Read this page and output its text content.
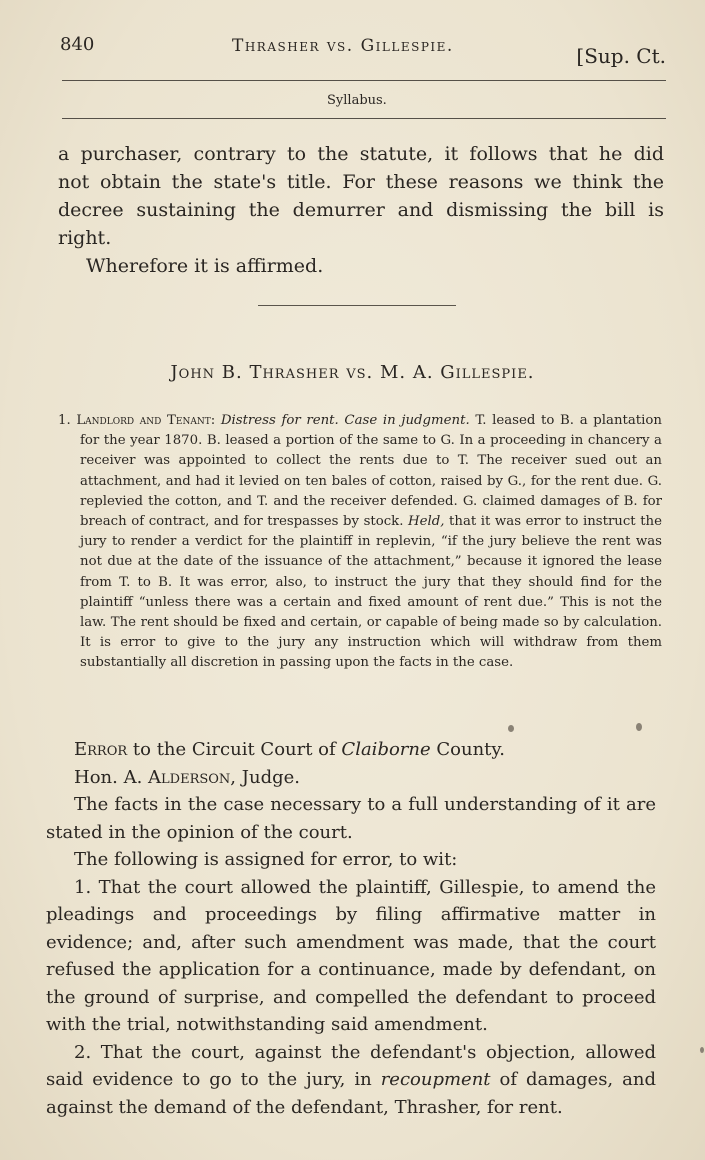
840	Thrasher vs. Gillespie.	[Sup. Ct.
Syllabus.
a purchaser, contrary to the statute, it follows that he did
not obtain the state's title. For these reasons we think the
decree sustaining the demurrer and dismissing the bill is right.
Wherefore it is affirmed.
John B. Thrasher vs. M. A. Gillespie.
1. Landlord and Tenant: Distress for rent. Case in judgment. T. leased to B. a plantation for the year 1870. B. leased a portion of the same to G. In a proceeding in chancery a receiver was appointed to collect the rents due to T. The receiver sued out an attachment, and had it levied on ten bales of cotton, raised by G., for the rent due. G. replevied the cotton, and T. and the receiver defended. G. claimed damages of B. for breach of contract, and for trespasses by stock. Held, that it was error to instruct the jury to render a verdict for the plaintiff in replevin, “if the jury believe the rent was not due at the date of the issuance of the attachment,” because it ignored the lease from T. to B. It was error, also, to instruct the jury that they should find for the plaintiff “unless there was a certain and fixed amount of rent due.” This is not the law. The rent should be fixed and certain, or capable of being made so by calculation. It is error to give to the jury any instruction which will withdraw from them substantially all discretion in passing upon the facts in the case.

Error to the Circuit Court of Claiborne County.

Hon. A. Alderson, Judge.

The facts in the case necessary to a full understanding of it are stated in the opinion of the court.

The following is assigned for error, to wit:

1. That the court allowed the plaintiff, Gillespie, to amend the pleadings and proceedings by filing affirmative matter in evidence; and, after such amendment was made, that the court refused the application for a continuance, made by defendant, on the ground of surprise, and compelled the defendant to proceed with the trial, notwithstanding said amendment.

2. That the court, against the defendant's objection, allowed said evidence to go to the jury, in recoupment of damages, and against the demand of the defendant, Thrasher, for rent.
